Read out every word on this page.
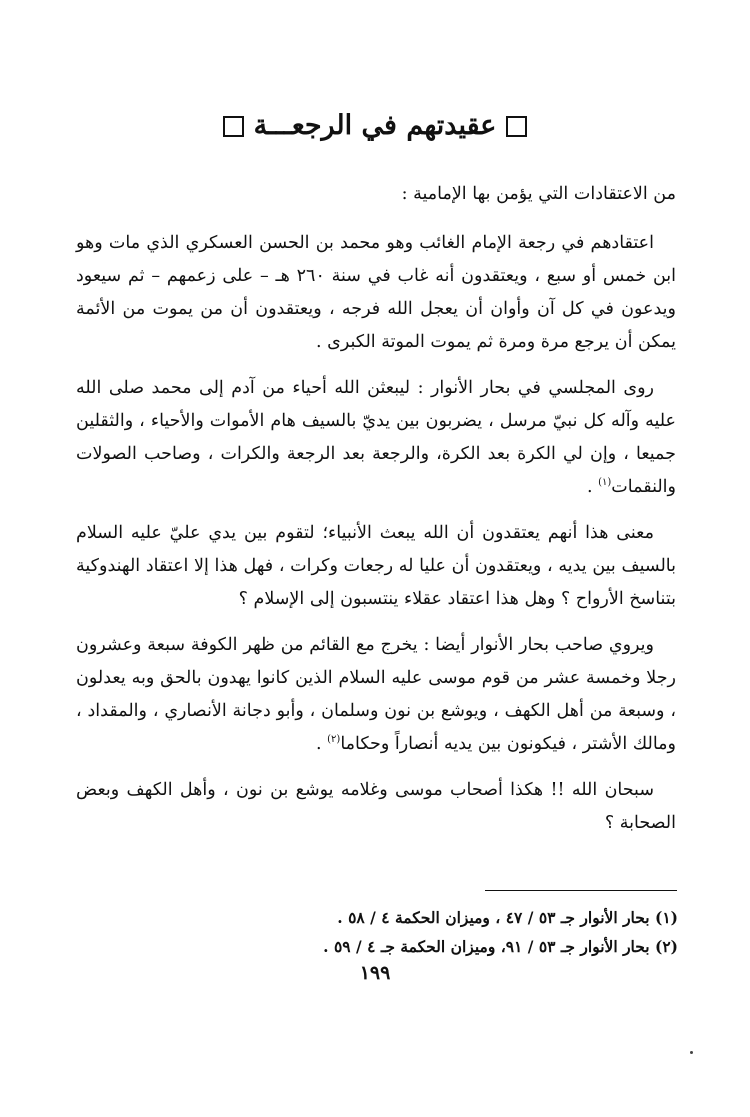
عقيدتهم في الرجعـــة

من الاعتقادات التي يؤمن بها الإمامية :

اعتقادهم في رجعة الإمام الغائب وهو محمد بن الحسن العسكري الذي مات وهو ابن خمس أو سبع ، ويعتقدون أنه غاب في سنة ٢٦٠ هـ – على زعمهم – ثم سيعود ويدعون في كل آن وأوان أن يعجل الله فرجه ، ويعتقدون أن من يموت من الأئمة يمكن أن يرجع مرة ومرة ثم يموت الموتة الكبرى .

روى المجلسي في بحار الأنوار : ليبعثن الله أحياء من آدم إلى محمد صلى الله عليه وآله كل نبيّ مرسل ، يضربون بين يديّ بالسيف هام الأموات والأحياء ، والثقلين جميعا ، وإن لي الكرة بعد الكرة، والرجعة بعد الرجعة والكرات ، وصاحب الصولات والنقمات$^{(١)}$ .

معنى هذا أنهم يعتقدون أن الله يبعث الأنبياء؛ لتقوم بين يدي عليّ عليه السلام بالسيف بين يديه ، ويعتقدون أن عليا له رجعات وكرات ، فهل هذا إلا اعتقاد الهندوكية بتناسخ الأرواح ؟ وهل هذا اعتقاد عقلاء ينتسبون إلى الإسلام ؟

ويروي صاحب بحار الأنوار أيضا : يخرج مع القائم من ظهر الكوفة سبعة وعشرون رجلا وخمسة عشر من قوم موسى عليه السلام الذين كانوا يهدون بالحق وبه يعدلون ، وسبعة من أهل الكهف ، ويوشع بن نون وسلمان ، وأبو دجانة الأنصاري ، والمقداد ، ومالك الأشتر ، فيكونون بين يديه أنصاراً وحكاما$^{(٢)}$ .

سبحان الله !! هكذا أصحاب موسى وغلامه يوشع بن نون ، وأهل الكهف وبعض الصحابة ؟

(١) بحار الأنوار جـ ٥٣ / ٤٧ ، وميزان الحكمة ٤ / ٥٨ .

(٢) بحار الأنوار جـ ٥٣ / ٩١، وميزان الحكمة جـ ٤ / ٥٩ .

١٩٩
